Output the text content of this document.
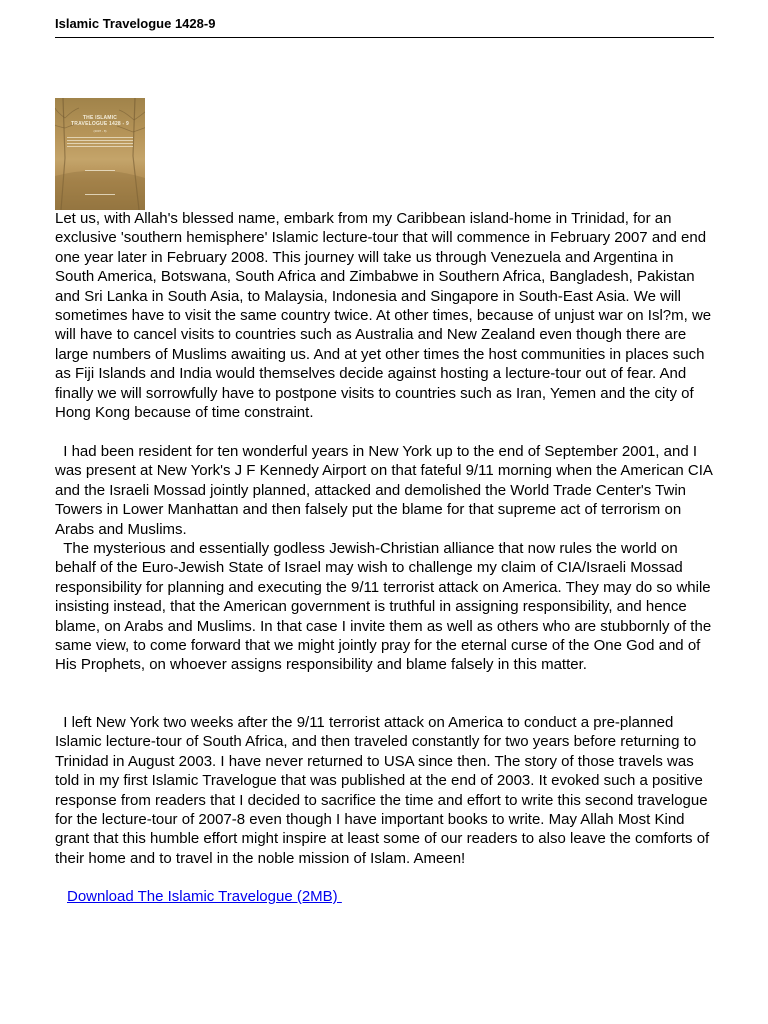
Islamic Travelogue 1428-9
THE ISLAMIC
TRAVELOGUE 1428 - 9
(2007 - 8)

Let us, with Allah's blessed name, embark from my Caribbean island-home in Trinidad, for an exclusive 'southern hemisphere' Islamic lecture-tour that will commence in February 2007 and end one year later in February 2008. This journey will take us through Venezuela and Argentina in South America, Botswana, South Africa and Zimbabwe in Southern Africa, Bangladesh, Pakistan and Sri Lanka in South Asia, to Malaysia, Indonesia and Singapore in South-East Asia. We will sometimes have to visit the same country twice. At other times, because of unjust war on Isl?m, we will have to cancel visits to countries such as Australia and New Zealand even though there are large numbers of Muslims awaiting us. And at yet other times the host communities in places such as Fiji Islands and India would themselves decide against hosting a lecture-tour out of fear. And finally we will sorrowfully have to postpone visits to countries such as Iran, Yemen and the city of Hong Kong because of time constraint.

I had been resident for ten wonderful years in New York up to the end of September 2001, and I was present at New York's J F Kennedy Airport on that fateful 9/11 morning when the American CIA and the Israeli Mossad jointly planned, attacked and demolished the World Trade Center's Twin Towers in Lower Manhattan and then falsely put the blame for that supreme act of terrorism on Arabs and Muslims.

The mysterious and essentially godless Jewish-Christian alliance that now rules the world on behalf of the Euro-Jewish State of Israel may wish to challenge my claim of CIA/Israeli Mossad responsibility for planning and executing the 9/11 terrorist attack on America. They may do so while insisting instead, that the American government is truthful in assigning responsibility, and hence blame, on Arabs and Muslims. In that case I invite them as well as others who are stubbornly of the same view, to come forward that we might jointly pray for the eternal curse of the One God and of His Prophets, on whoever assigns responsibility and blame falsely in this matter.

I left New York two weeks after the 9/11 terrorist attack on America to conduct a pre-planned Islamic lecture-tour of South Africa, and then traveled constantly for two years before returning to Trinidad in August 2003. I have never returned to USA since then. The story of those travels was told in my first Islamic Travelogue that was published at the end of 2003. It evoked such a positive response from readers that I decided to sacrifice the time and effort to write this second travelogue for the lecture-tour of 2007-8 even though I have important books to write. May Allah Most Kind grant that this humble effort might inspire at least some of our readers to also leave the comforts of their home and to travel in the noble mission of Islam. Ameen!

Download The Islamic Travelogue (2MB)
